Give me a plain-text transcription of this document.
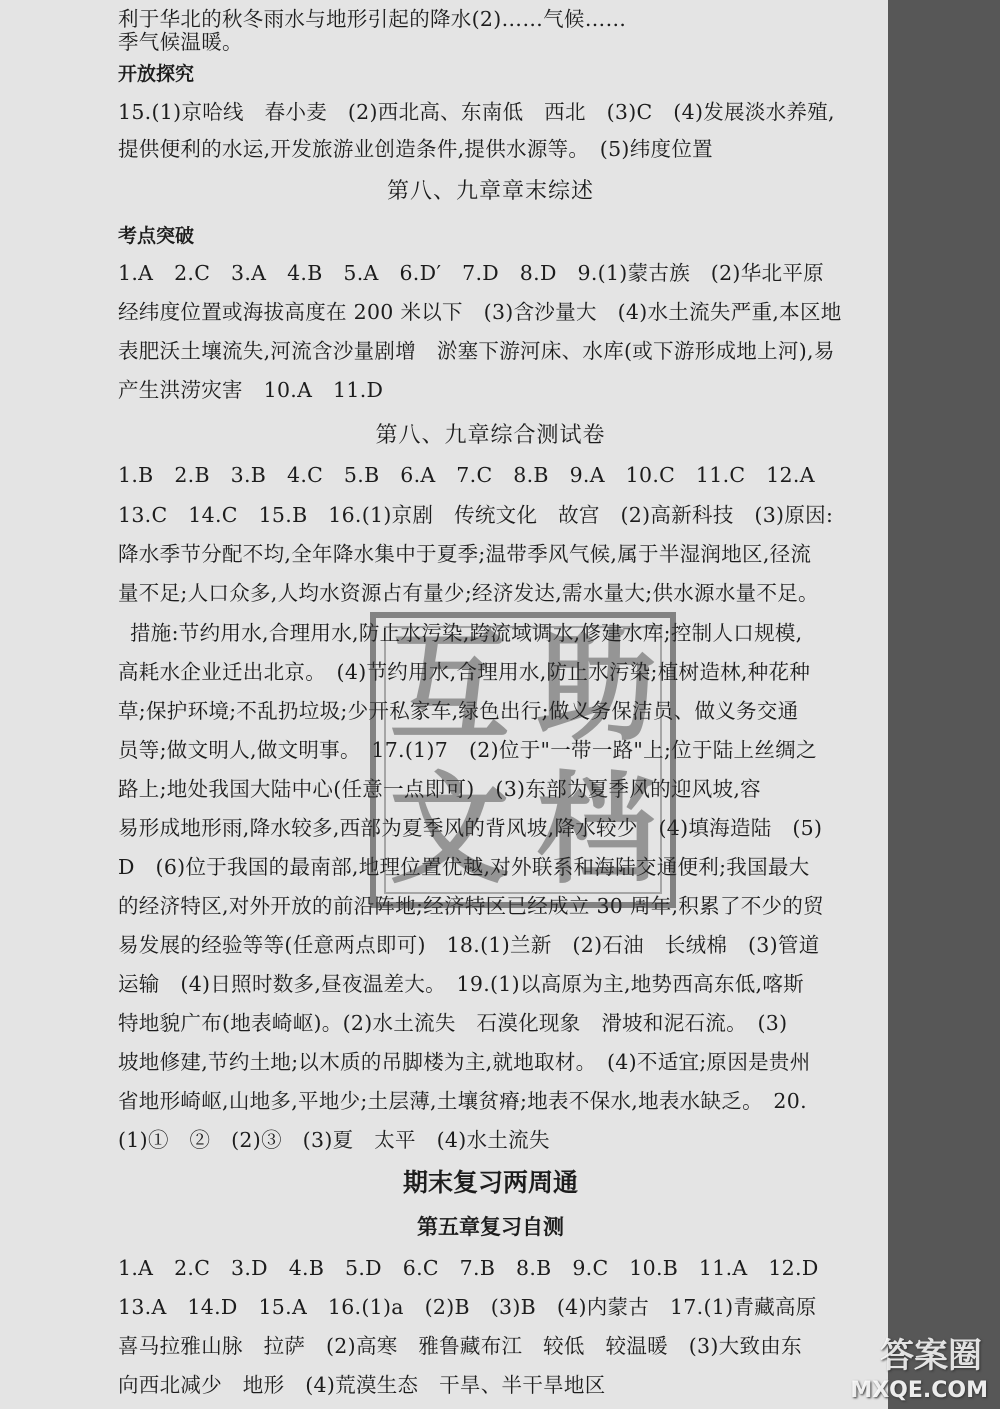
利于华北的秋冬雨水与地形引起的降水(2)……气候……
季气候温暖。
开放探究
15.(1)京哈线　春小麦　(2)西北高、东南低　西北　(3)C　(4)发展淡水养殖,
提供便利的水运,开发旅游业创造条件,提供水源等。　(5)纬度位置
第八、九章章末综述
考点突破
1.A　2.C　3.A　4.B　5.A　6.D′　7.D　8.D　9.(1)蒙古族　(2)华北平原
经纬度位置或海拔高度在 200 米以下　(3)含沙量大　(4)水土流失严重,本区地
表肥沃土壤流失,河流含沙量剧增　淤塞下游河床、水库(或下游形成地上河),易
产生洪涝灾害　10.A　11.D
第八、九章综合测试卷
1.B　2.B　3.B　4.C　5.B　6.A　7.C　8.B　9.A　10.C　11.C　12.A
13.C　14.C　15.B　16.(1)京剧　传统文化　故宫　(2)高新科技　(3)原因:
降水季节分配不均,全年降水集中于夏季;温带季风气候,属于半湿润地区,径流
量不足;人口众多,人均水资源占有量少;经济发达,需水量大;供水源水量不足。
措施:节约用水,合理用水,防止水污染,跨流域调水,修建水库;控制人口规模,
高耗水企业迁出北京。　(4)节约用水,合理用水,防止水污染;植树造林,种花种
草;保护环境;不乱扔垃圾;少开私家车,绿色出行;做义务保洁员、做义务交通
员等;做文明人,做文明事。　17.(1)7　(2)位于"一带一路"上;位于陆上丝绸之
路上;地处我国大陆中心(任意一点即可)　(3)东部为夏季风的迎风坡,容
易形成地形雨,降水较多,西部为夏季风的背风坡,降水较少　(4)填海造陆　(5)
D　(6)位于我国的最南部,地理位置优越,对外联系和海陆交通便利;我国最大
的经济特区,对外开放的前沿阵地;经济特区已经成立 30 周年,积累了不少的贸
易发展的经验等等(任意两点即可)　18.(1)兰新　(2)石油　长绒棉　(3)管道
运输　(4)日照时数多,昼夜温差大。　19.(1)以高原为主,地势西高东低,喀斯
特地貌广布(地表崎岖)。(2)水土流失　石漠化现象　滑坡和泥石流。　(3)
坡地修建,节约土地;以木质的吊脚楼为主,就地取材。　(4)不适宜;原因是贵州
省地形崎岖,山地多,平地少;土层薄,土壤贫瘠;地表不保水,地表水缺乏。　20.
(1)①　②　(2)③　(3)夏　太平　(4)水土流失
期末复习两周通
第五章复习自测
1.A　2.C　3.D　4.B　5.D　6.C　7.B　8.B　9.C　10.B　11.A　12.D
13.A　14.D　15.A　16.(1)a　(2)B　(3)B　(4)内蒙古　17.(1)青藏高原
喜马拉雅山脉　拉萨　(2)高寒　雅鲁藏布江　较低　较温暖　(3)大致由东
向西北减少　地形　(4)荒漠生态　干旱、半干旱地区
互 助
文 档
答案圈
MXQE.COM
